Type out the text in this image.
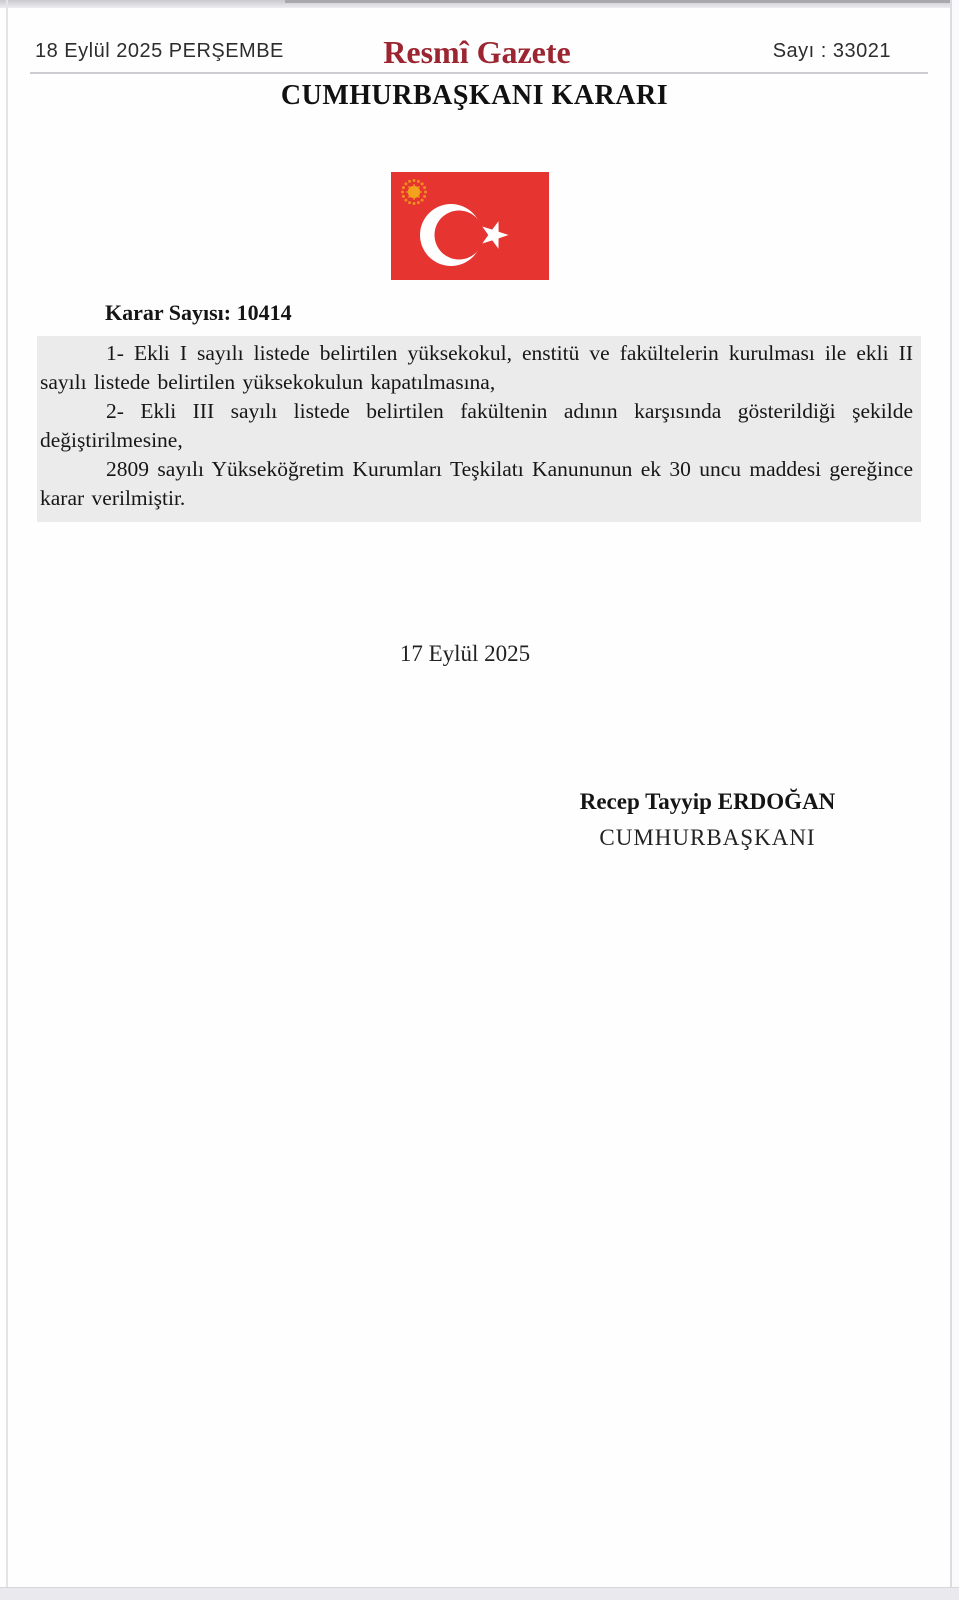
18 Eylül 2025 PERŞEMBE	Resmî Gazete	Sayı : 33021
CUMHURBAŞKANI KARARI
Karar Sayısı: 10414

1- Ekli I sayılı listede belirtilen yüksekokul, enstitü ve fakültelerin kurulması ile ekli II sayılı listede belirtilen yüksekokulun kapatılmasına,

2- Ekli III sayılı listede belirtilen fakültenin adının karşısında gösterildiği şekilde değiştirilmesine,

2809 sayılı Yükseköğretim Kurumları Teşkilatı Kanununun ek 30 uncu maddesi gereğince karar verilmiştir.

17 Eylül 2025
Recep Tayyip ERDOĞAN
CUMHURBAŞKANI
